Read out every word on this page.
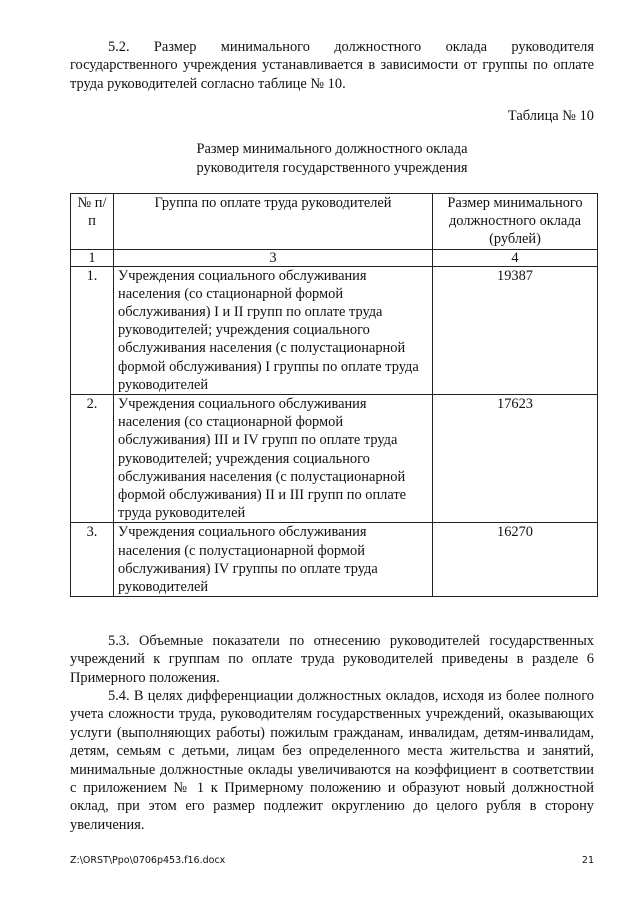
5.2. Размер минимального должностного оклада руководителя государственного учреждения устанавливается в зависимости от группы по оплате труда руководителей согласно таблице № 10.

Таблица № 10
Размер минимального должностного оклада
руководителя государственного учреждения
№ п/п	Группа по оплате труда руководителей	Размер минимального должностного оклада (рублей)
1	3	4
1.	Учреждения социального обслуживания населения (со стационарной формой обслуживания) I и II групп по оплате труда руководителей; учреждения социального обслуживания населения (с полустационарной формой обслуживания) I группы по оплате труда руководителей	19387
2.	Учреждения социального обслуживания населения (со стационарной формой обслуживания) III и IV групп по оплате труда руководителей; учреждения социального обслуживания населения (с полустационарной формой обслуживания) II и III групп по оплате труда руководителей	17623
3.	Учреждения социального обслуживания населения (с полустационарной формой обслуживания) IV группы по оплате труда руководителей	16270

5.3. Объемные показатели по отнесению руководителей государственных учреждений к группам по оплате труда руководителей приведены в разделе 6 Примерного положения.

5.4. В целях дифференциации должностных окладов, исходя из более полного учета сложности труда, руководителям государственных учреждений, оказывающих услуги (выполняющих работы) пожилым гражданам, инвалидам, детям-инвалидам, детям, семьям с детьми, лицам без определенного места жительства и занятий, минимальные должностные оклады увеличиваются на коэффициент в соответствии с приложением № 1 к Примерному положению и образуют новый должностной оклад, при этом его размер подлежит округлению до целого рубля в сторону увеличения.

Z:\ORST\Ppo\0706p453.f16.docx	21
